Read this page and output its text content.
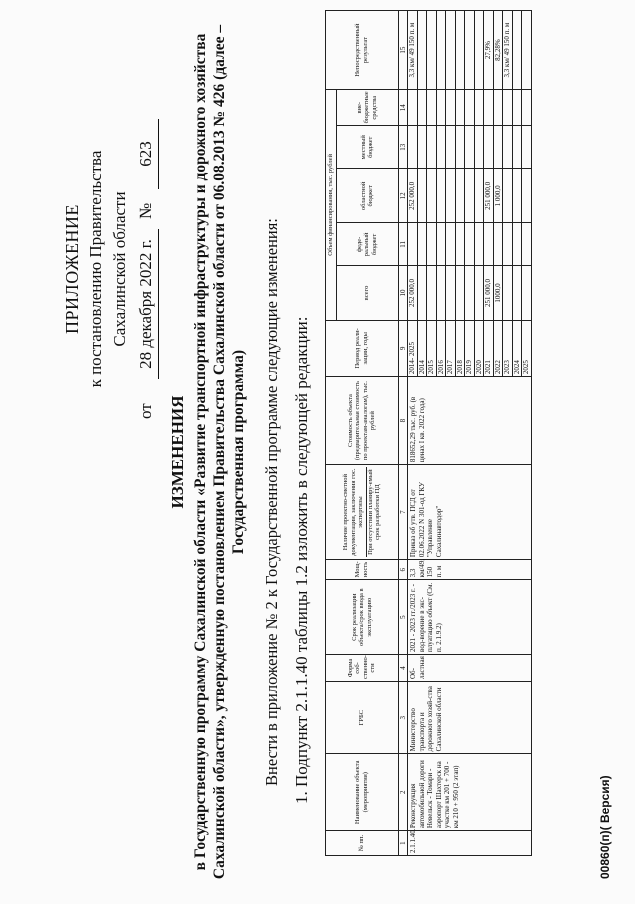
ПРИЛОЖЕНИЕ к постановлению Правительства Сахалинской области
от
28 декабря 2022 г.
№
623
ИЗМЕНЕНИЯ в Государственную программу Сахалинской области «Развитие транспортной инфраструктуры и дорожного хозяйства Сахалинской области», утвержденную постановлением Правительства Сахалинской области от 06.08.2013 № 426 (далее – Государственная программа) Внести в приложение № 2 к Государственной программе следующие изменения: 1. Подпункт 2.1.1.40 таблицы 1.2 изложить в следующей редакции:
№ пп.	Наименование объекта (мероприятия)	ГРБС	Форма соб-ственно-сти	Срок реализации объекта/срок ввода в эксплуатацию	Мощ-ность	Наличие проектно-сметной документации, заключения гос. экспертизы При отсутствии планиру-емый срок разработки ПД	Стоимость объекта (предварительная стоимость по проектам-аналогам), тыс. рублей	Период реали-зации, годы	Объем финансирования, тыс. рублей					Непосредственный результат
									всего	феде-ральный бюджет	областной бюджет	местный бюджет	вне-бюджетные средства	
1	2	3	4	5	6	7	8	9	10	11	12	13	14	15
2.1.1.40.	Реконструкция автомобильной дороги Невельск - Томари - аэропорт Шахтерск на участке км 201 + 700 - км 210 + 950 (2 этап)	Министерство транспорта и дорожного хозяй-ства Сахалинской области	Об-ластная	2021 - 2023 гг./2023 г. - вод-ворение в экс-плуатацию объект (См. п. 2.1.9.2)	3,3 км/49, 150 п. м	Приказ об утв. ПСД от 02.06.2022 N 301-од ГКУ "Управление Сахалинавтодор"	818652,29 тыс. руб. (в ценах I кв. 2022 года)	2014- 2025	252 000,0		252 000,0			3,3 км/ 49 150 п. м
								2014						
								2015						
								2016						
								2017						
								2018						
								2019						
								2020						
								2021	251 000,0		251 000,0			27,9%
								2022	1000,0		1 000,0			82,28%
								2023						3,3 км/ 49 150 п. м
								2024						
								2025						
00860(п)( Версия)
